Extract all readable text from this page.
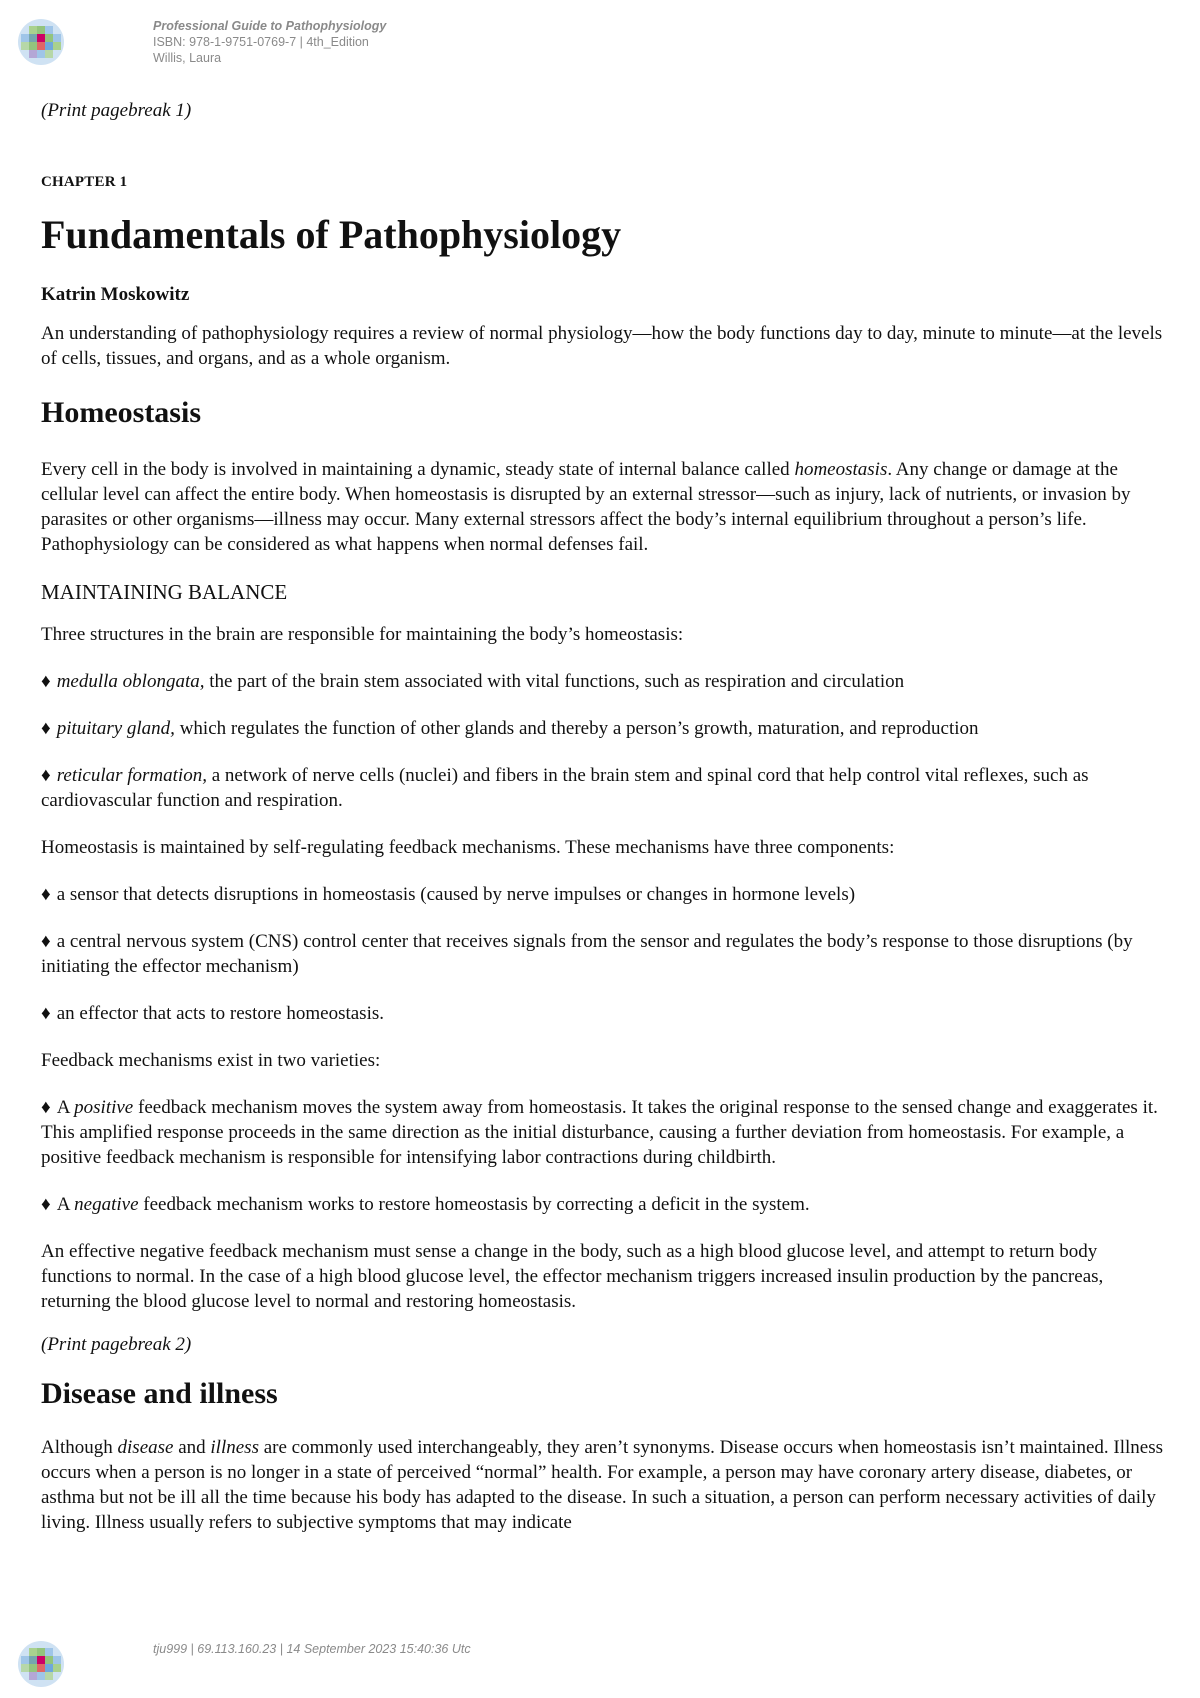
Professional Guide to Pathophysiology
ISBN: 978-1-9751-0769-7 | 4th_Edition
Willis, Laura

(Print pagebreak 1)

CHAPTER 1

Fundamentals of Pathophysiology

Katrin Moskowitz

An understanding of pathophysiology requires a review of normal physiology—how the body functions day to day, minute to minute—at the levels of cells, tissues, and organs, and as a whole organism.

Homeostasis

Every cell in the body is involved in maintaining a dynamic, steady state of internal balance called homeostasis. Any change or damage at the cellular level can affect the entire body. When homeostasis is disrupted by an external stressor—such as injury, lack of nutrients, or invasion by parasites or other organisms—illness may occur. Many external stressors affect the body’s internal equilibrium throughout a person’s life. Pathophysiology can be considered as what happens when normal defenses fail.

MAINTAINING BALANCE

Three structures in the brain are responsible for maintaining the body’s homeostasis:

♦ medulla oblongata, the part of the brain stem associated with vital functions, such as respiration and circulation

♦ pituitary gland, which regulates the function of other glands and thereby a person’s growth, maturation, and reproduction

♦ reticular formation, a network of nerve cells (nuclei) and fibers in the brain stem and spinal cord that help control vital reflexes, such as cardiovascular function and respiration.

Homeostasis is maintained by self-regulating feedback mechanisms. These mechanisms have three components:

♦ a sensor that detects disruptions in homeostasis (caused by nerve impulses or changes in hormone levels)

♦ a central nervous system (CNS) control center that receives signals from the sensor and regulates the body’s response to those disruptions (by initiating the effector mechanism)

♦ an effector that acts to restore homeostasis.

Feedback mechanisms exist in two varieties:

♦ A positive feedback mechanism moves the system away from homeostasis. It takes the original response to the sensed change and exaggerates it. This amplified response proceeds in the same direction as the initial disturbance, causing a further deviation from homeostasis. For example, a positive feedback mechanism is responsible for intensifying labor contractions during childbirth.

♦ A negative feedback mechanism works to restore homeostasis by correcting a deficit in the system.

An effective negative feedback mechanism must sense a change in the body, such as a high blood glucose level, and attempt to return body functions to normal. In the case of a high blood glucose level, the effector mechanism triggers increased insulin production by the pancreas, returning the blood glucose level to normal and restoring homeostasis.

(Print pagebreak 2)

Disease and illness

Although disease and illness are commonly used interchangeably, they aren’t synonyms. Disease occurs when homeostasis isn’t maintained. Illness occurs when a person is no longer in a state of perceived “normal” health. For example, a person may have coronary artery disease, diabetes, or asthma but not be ill all the time because his body has adapted to the disease. In such a situation, a person can perform necessary activities of daily living. Illness usually refers to subjective symptoms that may indicate

tju999 | 69.113.160.23 | 14 September 2023 15:40:36 Utc
